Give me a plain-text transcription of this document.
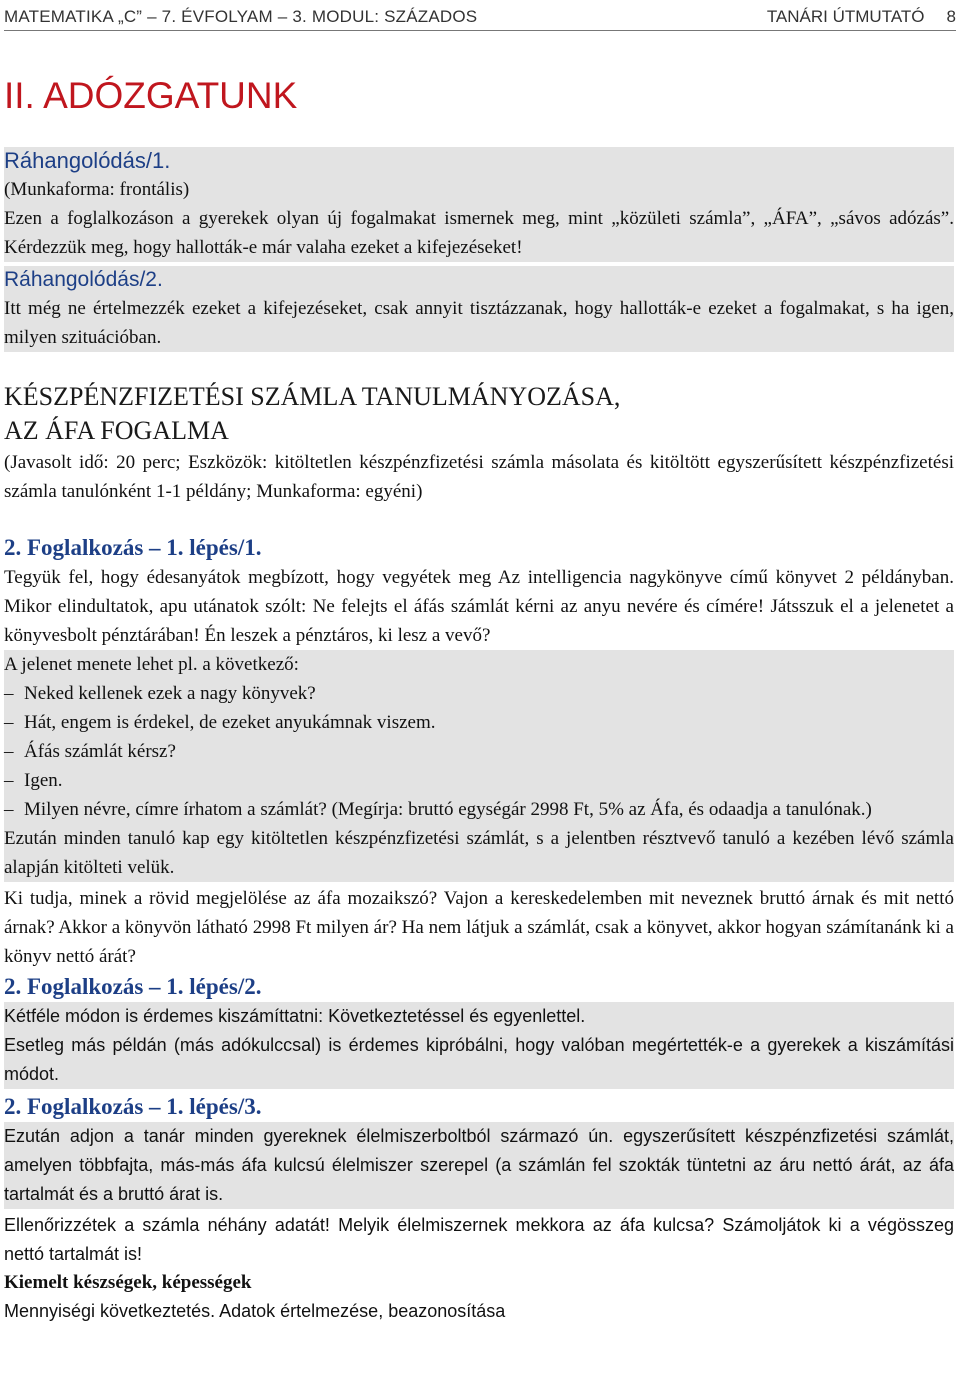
MATEMATIKA „C” – 7. ÉVFOLYAM – 3. MODUL: SZÁZADOS	TANÁRI ÚTMUTATÓ 8
II. ADÓZGATUNK
Ráhangolódás/1.

(Munkaforma: frontális)

Ezen a foglalkozáson a gyerekek olyan új fogalmakat ismernek meg, mint „közületi számla”, „ÁFA”, „sávos adózás”. Kérdezzük meg, hogy hallották-e már valaha ezeket a kifejezéseket!

Ráhangolódás/2.

Itt még ne értelmezzék ezeket a kifejezéseket, csak annyit tisztázzanak, hogy hallották-e ezeket a fogalmakat, s ha igen, milyen szituációban.

KÉSZPÉNZFIZETÉSI SZÁMLA TANULMÁNYOZÁSA,
AZ ÁFA FOGALMA

(Javasolt idő: 20 perc; Eszközök: kitöltetlen készpénzfizetési számla másolata és kitöltött egyszerűsített készpénzfizetési számla tanulónként 1-1 példány; Munkaforma: egyéni)

2. Foglalkozás – 1. lépés/1.

Tegyük fel, hogy édesanyátok megbízott, hogy vegyétek meg Az intelligencia nagykönyve című könyvet 2 példányban. Mikor elindultatok, apu utánatok szólt: Ne felejts el áfás számlát kérni az anyu nevére és címére! Játsszuk el a jelenetet a könyvesbolt pénztárában! Én leszek a pénztáros, ki lesz a vevő?

A jelenet menete lehet pl. a következő:

– Neked kellenek ezek a nagy könyvek?

– Hát, engem is érdekel, de ezeket anyukámnak viszem.

– Áfás számlát kérsz?

– Igen.

– Milyen névre, címre írhatom a számlát? (Megírja: bruttó egységár 2998 Ft, 5% az Áfa, és odaadja a tanulónak.)

Ezután minden tanuló kap egy kitöltetlen készpénzfizetési számlát, s a jelentben résztvevő tanuló a kezében lévő számla alapján kitölteti velük.

Ki tudja, minek a rövid megjelölése az áfa mozaikszó? Vajon a kereskedelemben mit neveznek bruttó árnak és mit nettó árnak? Akkor a könyvön látható 2998 Ft milyen ár? Ha nem látjuk a számlát, csak a könyvet, akkor hogyan számítanánk ki a könyv nettó árát?

2. Foglalkozás – 1. lépés/2.

Kétféle módon is érdemes kiszámíttatni: Következtetéssel és egyenlettel.

Esetleg más példán (más adókulccsal) is érdemes kipróbálni, hogy valóban megértették-e a gyerekek a kiszámítási módot.

2. Foglalkozás – 1. lépés/3.

Ezután adjon a tanár minden gyereknek élelmiszerboltból származó ún. egyszerűsített készpénzfizetési számlát, amelyen többfajta, más-más áfa kulcsú élelmiszer szerepel (a számlán fel szokták tüntetni az áru nettó árát, az áfa tartalmát és a bruttó árat is.

Ellenőrizzétek a számla néhány adatát! Melyik élelmiszernek mekkora az áfa kulcsa? Számoljátok ki a végösszeg nettó tartalmát is!

Kiemelt készségek, képességek

Mennyiségi következtetés. Adatok értelmezése, beazonosítása
